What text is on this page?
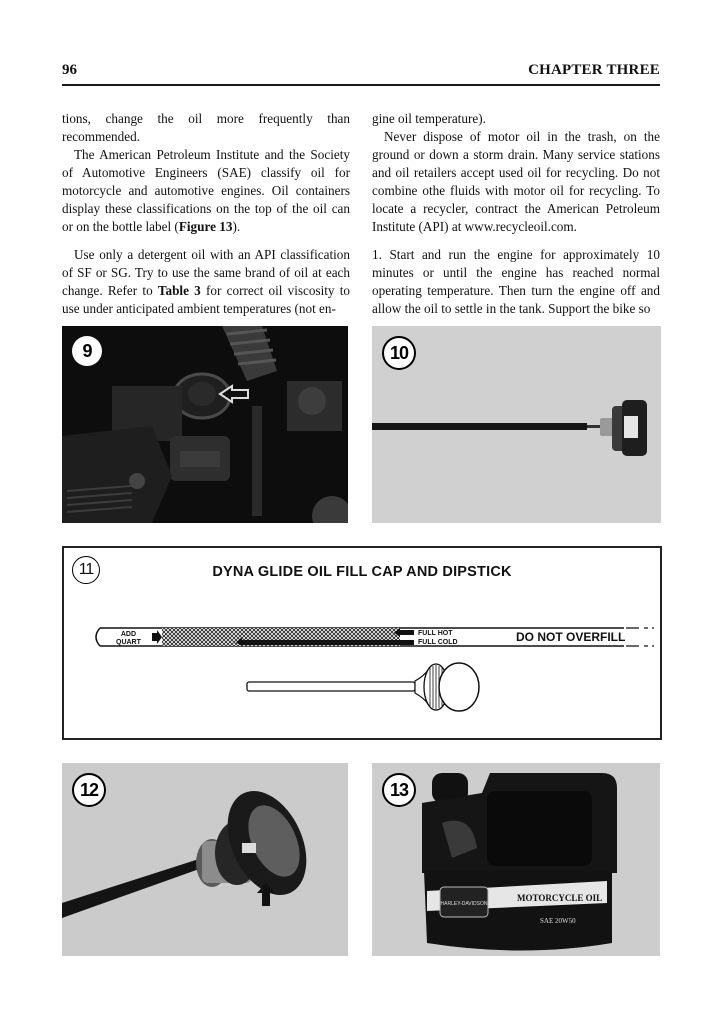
96	CHAPTER THREE

tions, change the oil more frequently than recommended.

The American Petroleum Institute and the Society of Automotive Engineers (SAE) classify oil for motorcycle and automotive engines. Oil containers display these classifications on the top of the oil can or on the bottle label (Figure 13).

Use only a detergent oil with an API classification of SF or SG. Try to use the same brand of oil at each change. Refer to Table 3 for correct oil viscosity to use under anticipated ambient temperatures (not en-

gine oil temperature).

Never dispose of motor oil in the trash, on the ground or down a storm drain. Many service stations and oil retailers accept used oil for recycling. Do not combine othe fluids with motor oil for recycling. To locate a recycler, contract the American Petroleum Institute (API) at www.recycleoil.com.

1. Start and run the engine for approximately 10 minutes or until the engine has reached normal operating temperature. Then turn the engine off and allow the oil to settle in the tank. Support the bike so

9	10
11	DYNA GLIDE OIL FILL CAP AND DIPSTICK
ADD
QUART
FULL HOT
FULL COLD	DO NOT OVERFILL
12
HARLEY-DAVIDSON
MOTORCYCLE OIL
SAE 20W50
13
